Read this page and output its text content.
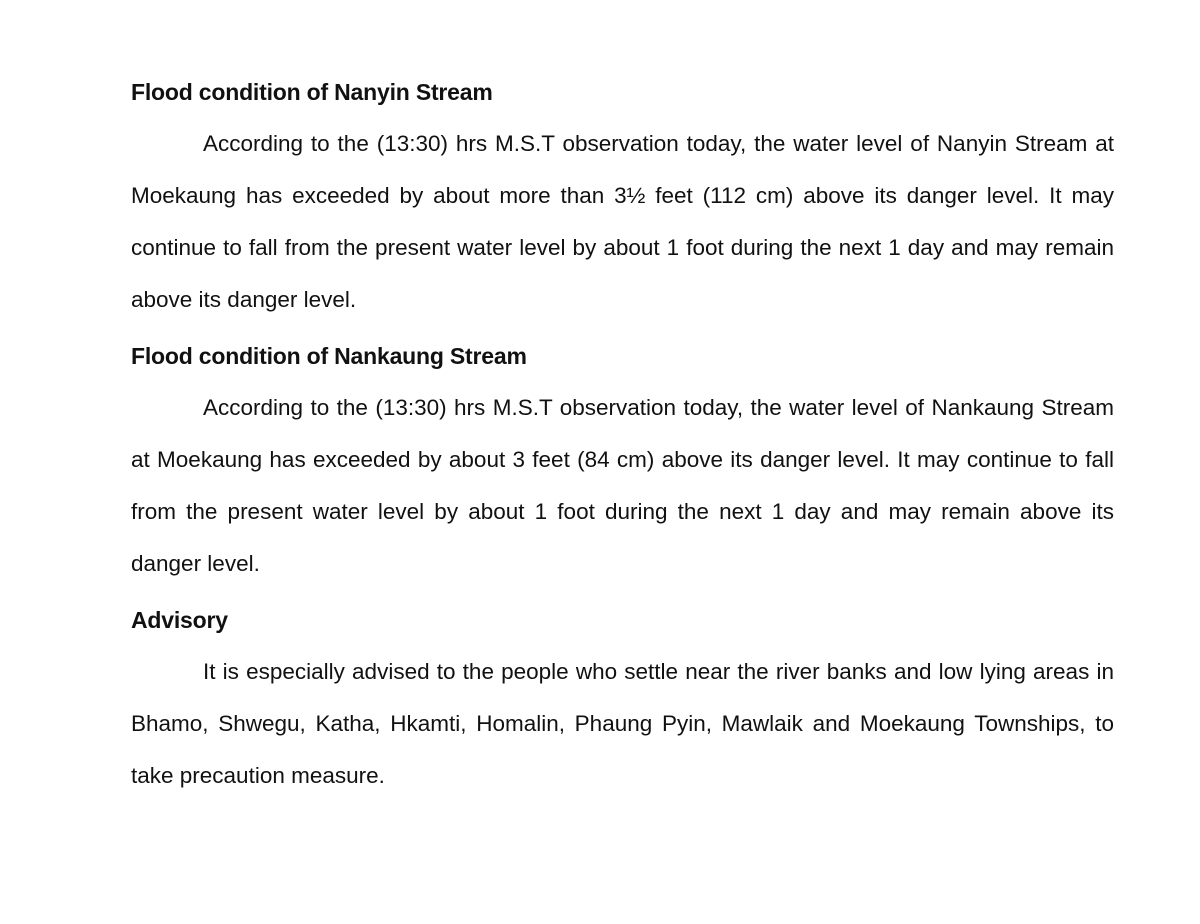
Flood condition of Nanyin Stream

According to the (13:30) hrs M.S.T observation today, the water level of Nanyin Stream at Moekaung has exceeded by about more than 3½ feet (112 cm) above its danger level. It may continue to fall from the present water level by about 1 foot during the next 1 day and may remain above its danger level.

Flood condition of Nankaung Stream

According to the (13:30) hrs M.S.T observation today, the water level of Nankaung Stream at Moekaung has exceeded by about 3 feet (84 cm) above its danger level. It may continue to fall from the present water level by about 1 foot during the next 1 day and may remain above its danger level.

Advisory

It is especially advised to the people who settle near the river banks and low lying areas in Bhamo, Shwegu, Katha, Hkamti, Homalin, Phaung Pyin, Mawlaik and Moekaung Townships, to take precaution measure.
